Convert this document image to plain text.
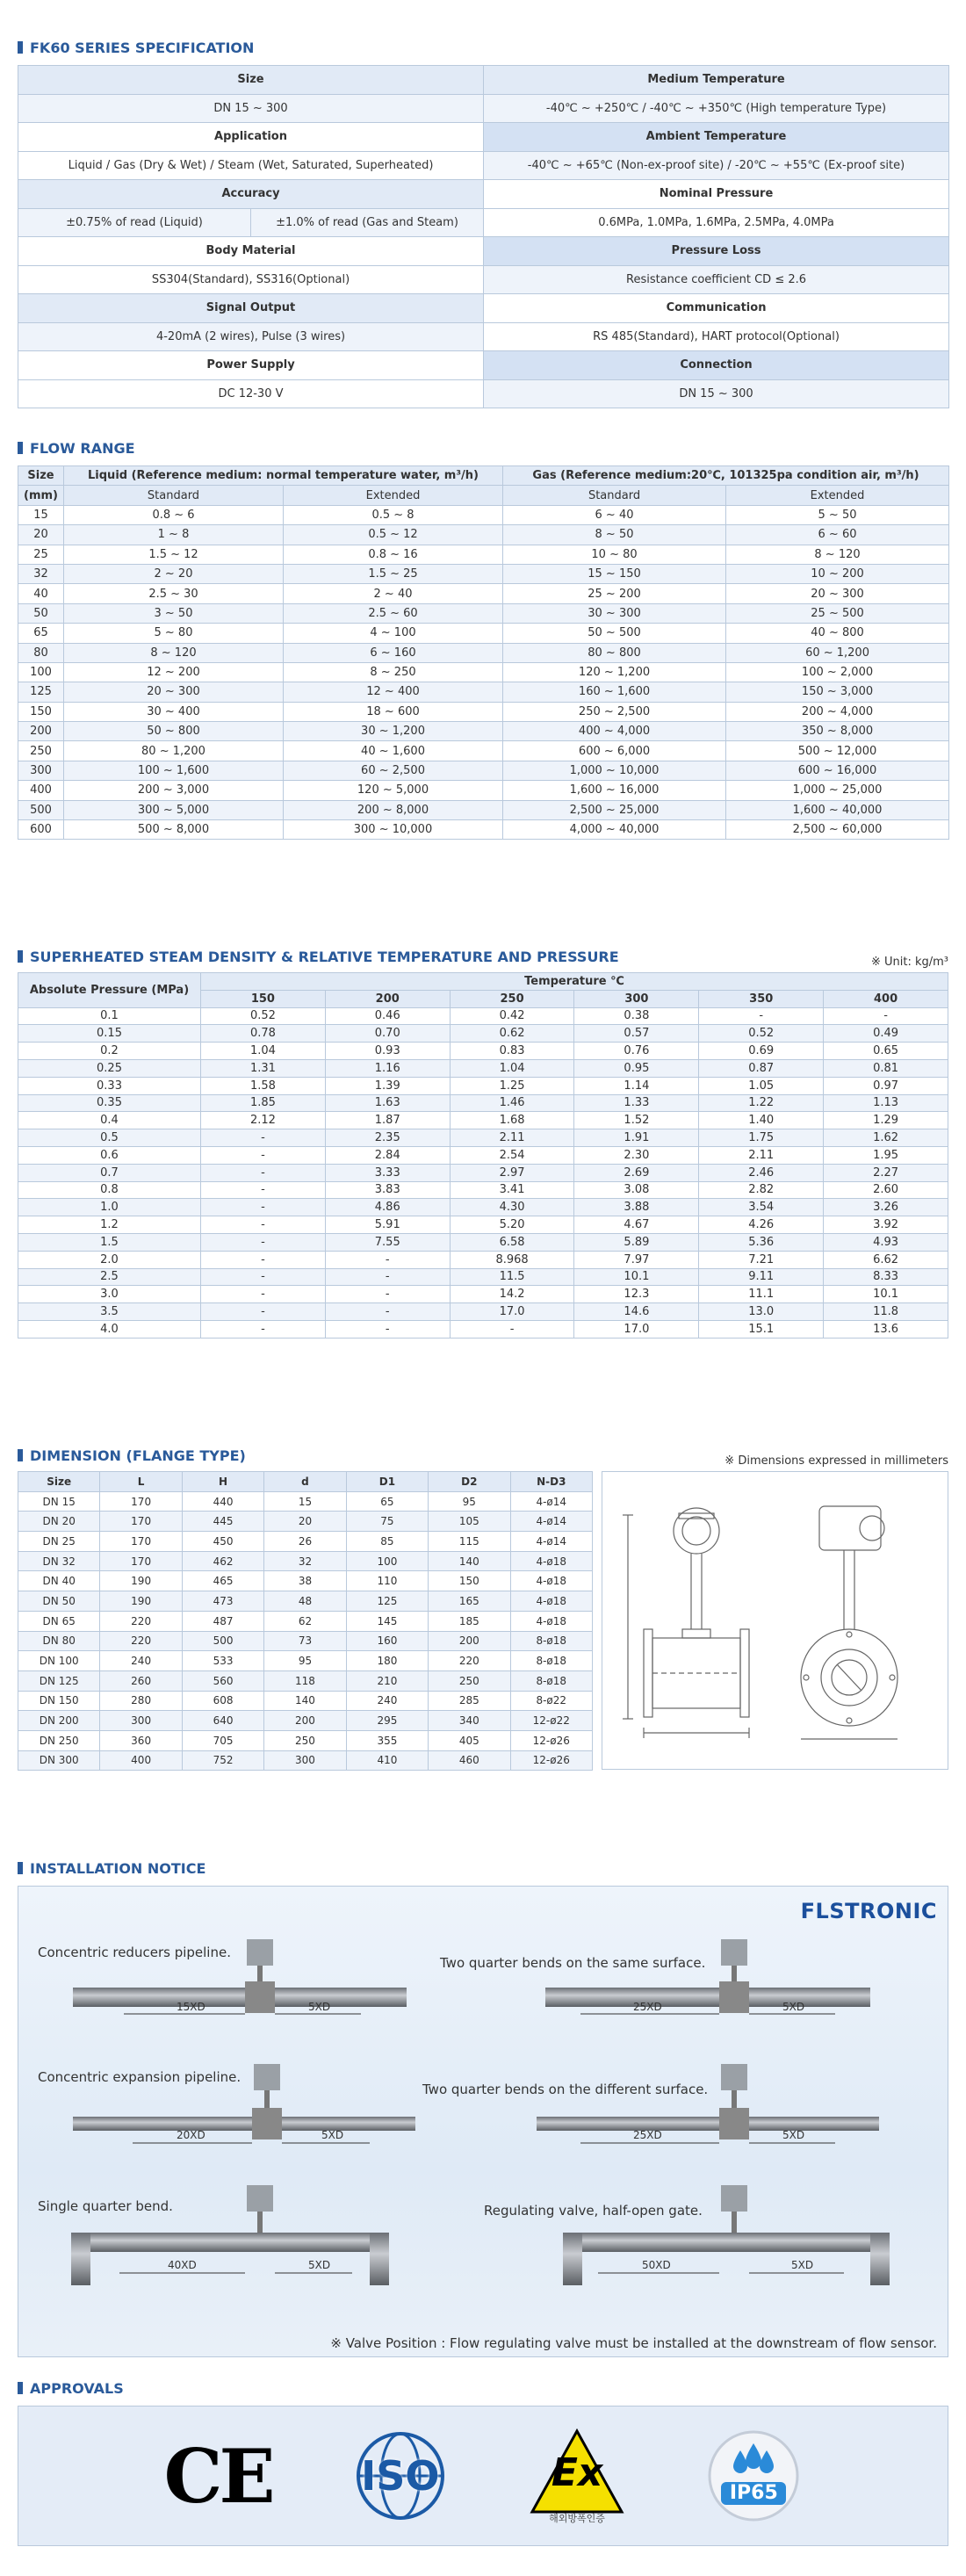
FK60 SERIES SPECIFICATION
Size		Medium Temperature
DN 15 ~ 300		-40℃ ~ +250℃ / -40℃ ~ +350℃ (High temperature Type)
Application		Ambient Temperature
Liquid / Gas (Dry & Wet) / Steam (Wet, Saturated, Superheated)		-40℃ ~ +65℃ (Non-ex-proof site) / -20℃ ~ +55℃ (Ex-proof site)
Accuracy		Nominal Pressure
±0.75% of read (Liquid)	±1.0% of read (Gas and Steam)	0.6MPa, 1.0MPa, 1.6MPa, 2.5MPa, 4.0MPa
Body Material		Pressure Loss
SS304(Standard), SS316(Optional)		Resistance coefficient CD ≤ 2.6
Signal Output		Communication
4-20mA (2 wires), Pulse (3 wires)		RS 485(Standard), HART protocol(Optional)
Power Supply		Connection
DC 12-30 V		DN 15 ~ 300
FLOW RANGE
Size	Liquid (Reference medium: normal temperature water, m³/h)		Gas (Reference medium:20℃, 101325pa condition air, m³/h)	
(mm)	Standard	Extended	Standard	Extended
15	0.8 ~ 6	0.5 ~ 8	6 ~ 40	5 ~ 50
20	1 ~ 8	0.5 ~ 12	8 ~ 50	6 ~ 60
25	1.5 ~ 12	0.8 ~ 16	10 ~ 80	8 ~ 120
32	2 ~ 20	1.5 ~ 25	15 ~ 150	10 ~ 200
40	2.5 ~ 30	2 ~ 40	25 ~ 200	20 ~ 300
50	3 ~ 50	2.5 ~ 60	30 ~ 300	25 ~ 500
65	5 ~ 80	4 ~ 100	50 ~ 500	40 ~ 800
80	8 ~ 120	6 ~ 160	80 ~ 800	60 ~ 1,200
100	12 ~ 200	8 ~ 250	120 ~ 1,200	100 ~ 2,000
125	20 ~ 300	12 ~ 400	160 ~ 1,600	150 ~ 3,000
150	30 ~ 400	18 ~ 600	250 ~ 2,500	200 ~ 4,000
200	50 ~ 800	30 ~ 1,200	400 ~ 4,000	350 ~ 8,000
250	80 ~ 1,200	40 ~ 1,600	600 ~ 6,000	500 ~ 12,000
300	100 ~ 1,600	60 ~ 2,500	1,000 ~ 10,000	600 ~ 16,000
400	200 ~ 3,000	120 ~ 5,000	1,600 ~ 16,000	1,000 ~ 25,000
500	300 ~ 5,000	200 ~ 8,000	2,500 ~ 25,000	1,600 ~ 40,000
600	500 ~ 8,000	300 ~ 10,000	4,000 ~ 40,000	2,500 ~ 60,000
SUPERHEATED STEAM DENSITY & RELATIVE TEMPERATURE AND PRESSURE	※ Unit: kg/m³
Absolute Pressure (MPa)	Temperature ℃					
	150	200	250	300	350	400
0.1	0.52	0.46	0.42	0.38	-	-
0.15	0.78	0.70	0.62	0.57	0.52	0.49
0.2	1.04	0.93	0.83	0.76	0.69	0.65
0.25	1.31	1.16	1.04	0.95	0.87	0.81
0.33	1.58	1.39	1.25	1.14	1.05	0.97
0.35	1.85	1.63	1.46	1.33	1.22	1.13
0.4	2.12	1.87	1.68	1.52	1.40	1.29
0.5	-	2.35	2.11	1.91	1.75	1.62
0.6	-	2.84	2.54	2.30	2.11	1.95
0.7	-	3.33	2.97	2.69	2.46	2.27
0.8	-	3.83	3.41	3.08	2.82	2.60
1.0	-	4.86	4.30	3.88	3.54	3.26
1.2	-	5.91	5.20	4.67	4.26	3.92
1.5	-	7.55	6.58	5.89	5.36	4.93
2.0	-	-	8.968	7.97	7.21	6.62
2.5	-	-	11.5	10.1	9.11	8.33
3.0	-	-	14.2	12.3	11.1	10.1
3.5	-	-	17.0	14.6	13.0	11.8
4.0	-	-	-	17.0	15.1	13.6
DIMENSION (FLANGE TYPE)	※ Dimensions expressed in millimeters
Size	L	H	d	D1	D2	N-D3
DN 15	170	440	15	65	95	4-ø14
DN 20	170	445	20	75	105	4-ø14
DN 25	170	450	26	85	115	4-ø14
DN 32	170	462	32	100	140	4-ø18
DN 40	190	465	38	110	150	4-ø18
DN 50	190	473	48	125	165	4-ø18
DN 65	220	487	62	145	185	4-ø18
DN 80	220	500	73	160	200	8-ø18
DN 100	240	533	95	180	220	8-ø18
DN 125	260	560	118	210	250	8-ø18
DN 150	280	608	140	240	285	8-ø22
DN 200	300	640	200	295	340	12-ø22
DN 250	360	705	250	355	405	12-ø26
DN 300	400	752	300	410	460	12-ø26
INSTALLATION NOTICE
FLSTRONIC
Concentric reducers pipeline.
Two quarter bends on the same surface.
Concentric expansion pipeline.
Two quarter bends on the different surface.
Single quarter bend.	Regulating valve, half-open gate.
15XD	5XD	25XD	5XD
20XD	5XD	25XD	5XD
40XD	5XD	50XD	5XD
※ Valve Position : Flow regulating valve must be installed at the downstream of flow sensor.
APPROVALS
CE ISO	Ex
해외방폭인증
IP65
